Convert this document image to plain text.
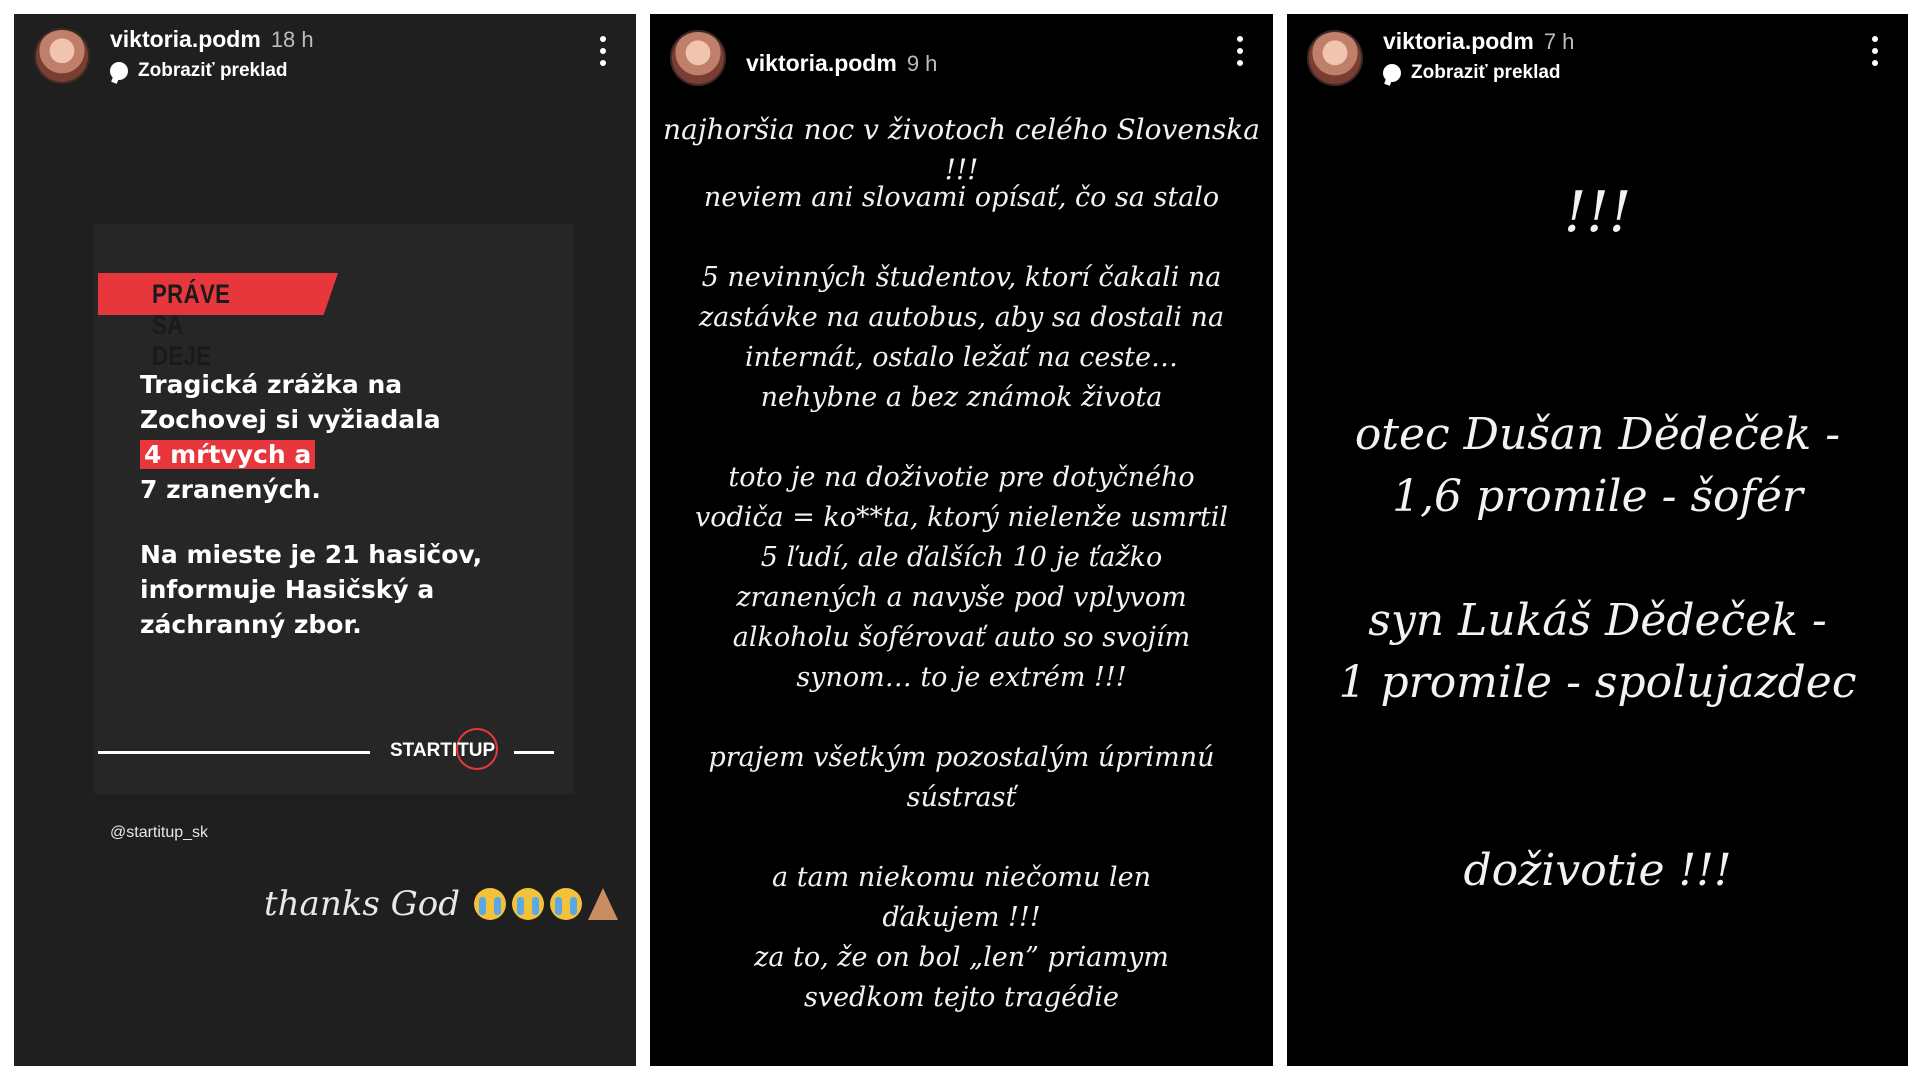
viktoria.podm 18 h
Zobraziť preklad
PRÁVE SA DEJE
Tragická zrážka na
Zochovej si vyžiadala
4 mŕtvych a
7 zranených.
Na mieste je 21 hasičov,
informuje Hasičský a
záchranný zbor.
STARTITUP
@startitup_sk
thanks God
viktoria.podm 9 h
najhoršia noc v životoch celého Slovenska !!!
neviem ani slovami opísať, čo sa stalo
5 nevinných študentov, ktorí čakali na
zastávke na autobus, aby sa dostali na
internát, ostalo ležať na ceste…
nehybne a bez známok života
toto je na doživotie pre dotyčného
vodiča = ko**ta, ktorý nielenže usmrtil
5 ľudí, ale ďalších 10 je ťažko
zranených a navyše pod vplyvom
alkoholu šoférovať auto so svojím
synom… to je extrém !!!
prajem všetkým pozostalým úprimnú
sústrasť
a tam niekomu niečomu len
ďakujem !!!
za to, že on bol „len” priamym
svedkom tejto tragédie
viktoria.podm 7 h
Zobraziť preklad
!!!
otec Dušan Dědeček -
1,6 promile - šofér
syn Lukáš Dědeček -
1 promile - spolujazdec
doživotie !!!
